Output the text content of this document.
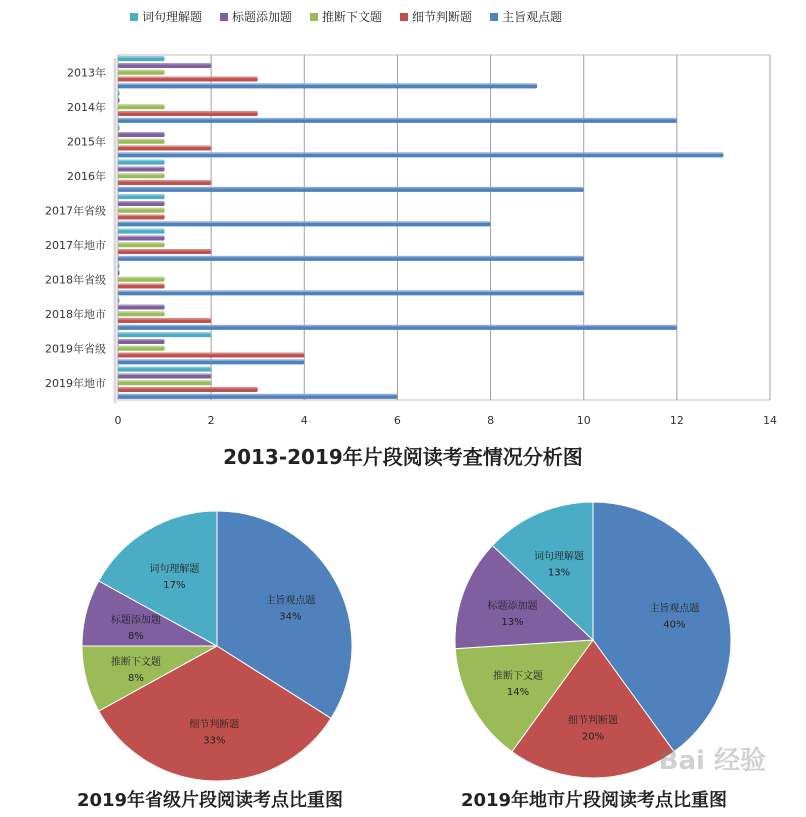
词句理解题	标题添加题	推断下文题	细节判断题	主旨观点题
0	2	4	6	8	10	12	14
2013年
2014年
2015年
2016年
2017年省级
2017年地市
2018年省级
2018年地市
2019年省级
2019年地市
2013-2019年片段阅读考查情况分析图
主旨观点题
34%
细节判断题
33%
推断下文题
8%
标题添加题
8%
词句理解题
17%
2019年省级片段阅读考点比重图
主旨观点题
40%
细节判断题
20%
推断下文题
14%
标题添加题
13%
词句理解题
13%
2019年地市片段阅读考点比重图
Bai 经验
